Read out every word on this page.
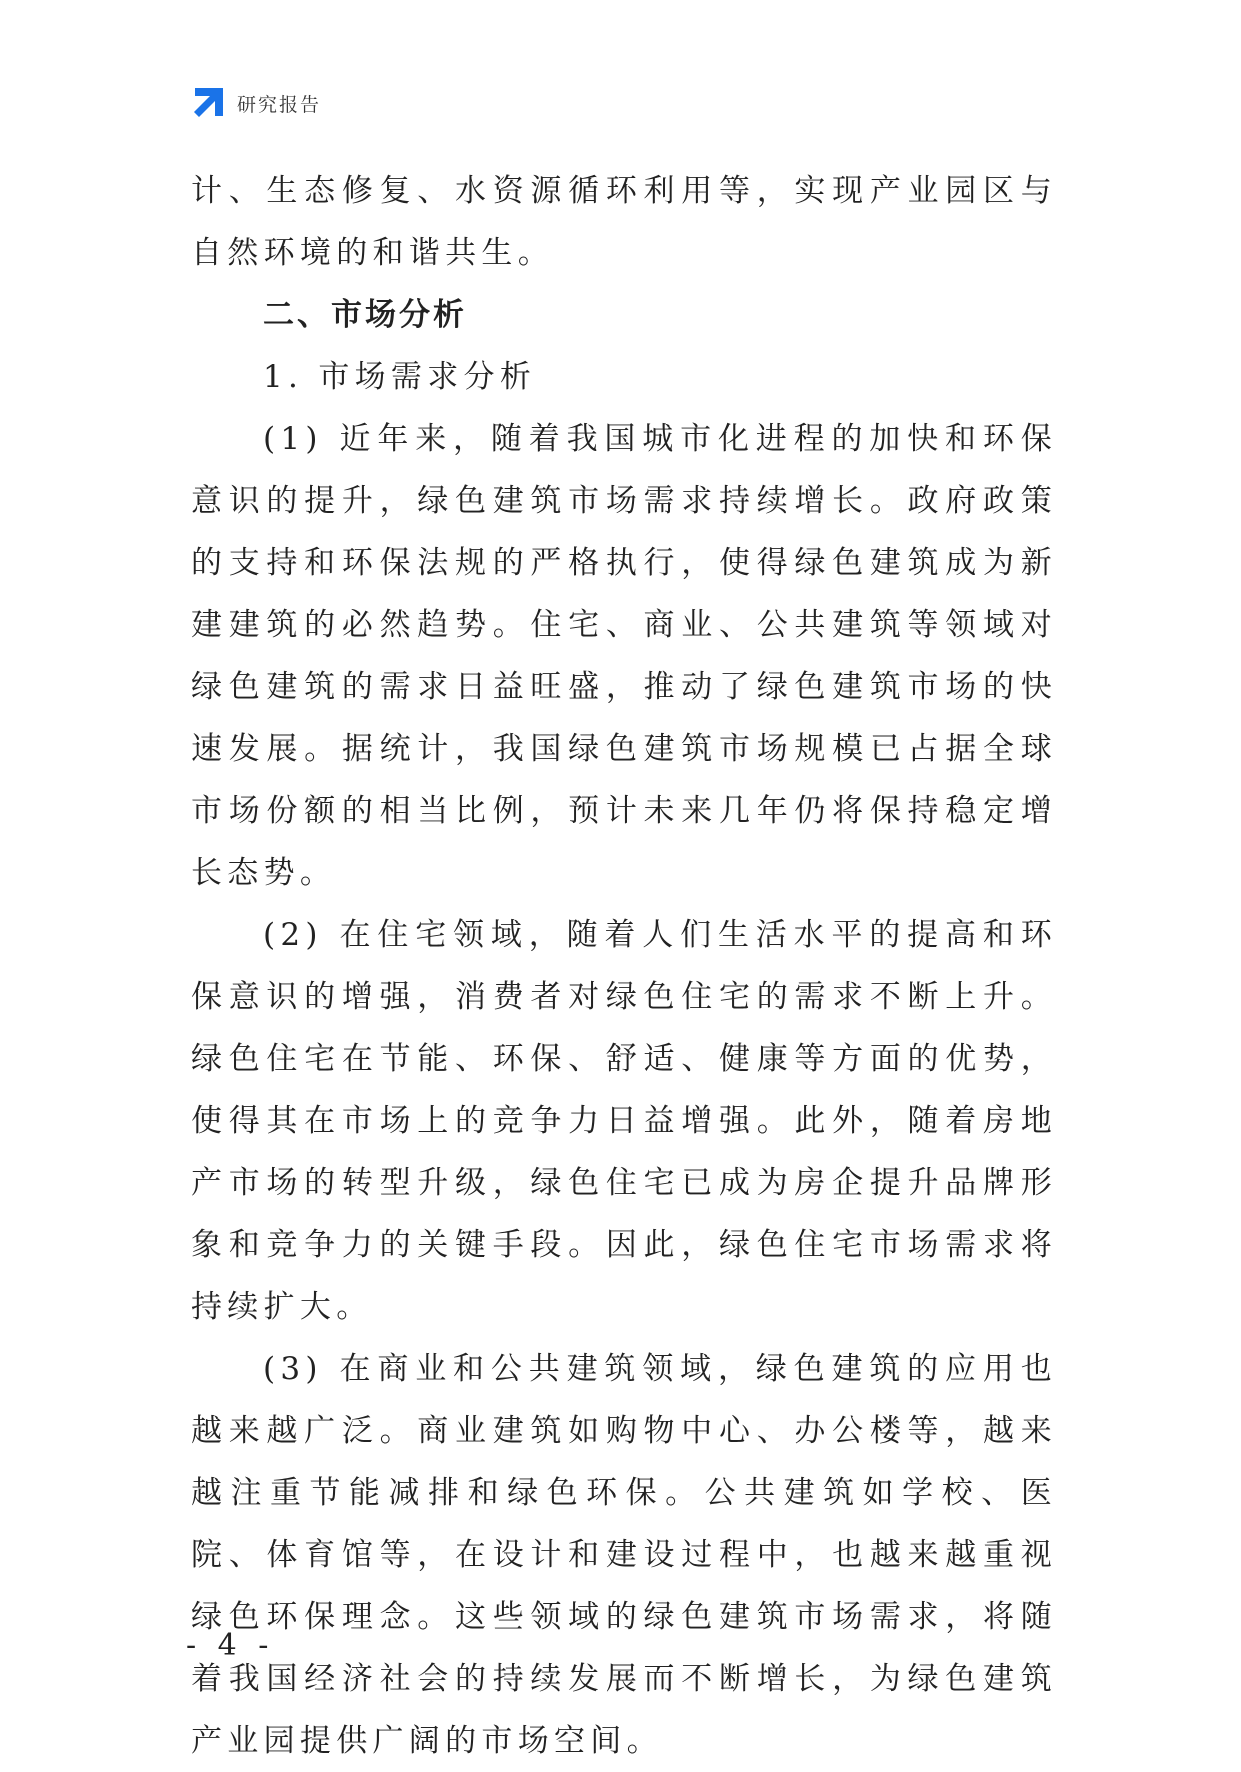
研究报告

计、生态修复、水资源循环利用等，实现产业园区与自然环境的和谐共生。

二、市场分析

1. 市场需求分析

(1) 近年来，随着我国城市化进程的加快和环保意识的提升，绿色建筑市场需求持续增长。政府政策的支持和环保法规的严格执行，使得绿色建筑成为新建建筑的必然趋势。住宅、商业、公共建筑等领域对绿色建筑的需求日益旺盛，推动了绿色建筑市场的快速发展。据统计，我国绿色建筑市场规模已占据全球市场份额的相当比例，预计未来几年仍将保持稳定增长态势。

(2) 在住宅领域，随着人们生活水平的提高和环保意识的增强，消费者对绿色住宅的需求不断上升。绿色住宅在节能、环保、舒适、健康等方面的优势，使得其在市场上的竞争力日益增强。此外，随着房地产市场的转型升级，绿色住宅已成为房企提升品牌形象和竞争力的关键手段。因此，绿色住宅市场需求将持续扩大。

(3) 在商业和公共建筑领域，绿色建筑的应用也越来越广泛。商业建筑如购物中心、办公楼等，越来越注重节能减排和绿色环保。公共建筑如学校、医院、体育馆等，在设计和建设过程中，也越来越重视绿色环保理念。这些领域的绿色建筑市场需求，将随着我国经济社会的持续发展而不断增长，为绿色建筑产业园提供广阔的市场空间。

- 4 -
